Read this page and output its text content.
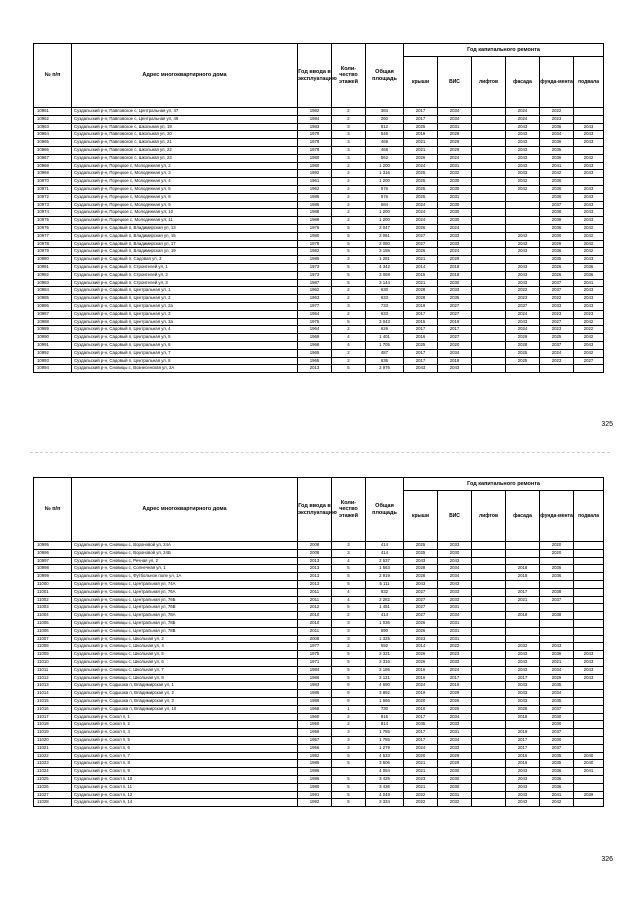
№ п/п	Адрес многоквартирного дома	Год ввода в эксплуатацию	Коли-чество этажей	Общая площадь	Год капитального ремонта					
					крыши	ВИС	лифтов	фасада	фунда-мента	подвала
10961	Суздальский р-н, Павловское с, Центральная ул, 47	1982	2	384	2017	2034		2024	2022	
10962	Суздальский р-н, Павловское с, Центральная ул, 49	1984	2	260	2017	2034		2024	2023	
10963	Суздальский р-н, Павловское с, Школьная ул, 19	1983	3	812	2025	2031		2043	2036	2043
10964	Суздальский р-н, Павловское с, Школьная ул, 20	1979	3	546	2019	2028		2043	2034	2043
10965	Суздальский р-н, Павловское с, Школьная ул, 21	1978	3	469	2021	2029		2043	2036	2043
10966	Суздальский р-н, Павловское с, Школьная ул, 22	1978	3	468	2021	2029		2043	2035	
10967	Суздальский р-н, Павловское с, Школьная ул, 23	1980	3	562	2026	2024		2043	2036	2042
10968	Суздальский р-н, Порецкое с, Молодежная ул, 2	1980	2	1 200	2024	2031		2043	2041	2043
10969	Суздальский р-н, Порецкое с, Молодежная ул, 3	1992	2	1 316	2025	2032		2043	2042	2043
10970	Суздальский р-н, Порецкое с, Молодежная ул, 4	1961	2	1 200	2025	2030		2042	2036	
10971	Суздальский р-н, Порецкое с, Молодежная ул, 5	1962	2	576	2025	2030		2042	2036	2043
10972	Суздальский р-н, Порецкое с, Молодежная ул, 8	1986	2	576	2025	2031			2036	2043
10973	Суздальский р-н, Порецкое с, Молодежная ул, 9	1986	2	584	2024	2030			2037	2043
10974	Суздальский р-н, Порецкое с, Молодежная ул, 10	1988	2	1 200	2024	2030			2038	2043
10975	Суздальский р-н, Порецкое с, Молодежная ул, 11	1989	2	1 200	2024	2030			2039	2043
10976	Суздальский р-н, Садовый п, Владимирская ул, 13	1976	5	3 047	2026	2024			2036	2042
10977	Суздальский р-н, Садовый п, Владимирская ул, 15	1980	5	3 061	2027	2033		2043	2030	2042
10978	Суздальский р-н, Садовый п, Владимирская ул, 17	1978	5	3 080	2027	2033		2043	2029	2042
10979	Суздальский р-н, Садовый п, Владимирская ул, 19	1982	5	3 155	2026	2024		2043	2036	2042
10980	Суздальский р-н, Садовый п, Садовая ул, 3	1985	3	1 281	2021	2029			2035	2043
10981	Суздальский р-н, Садовый п, Строителей ул, 1	1973	5	4 342	2014	2018		2043	2026	2036
10982	Суздальский р-н, Садовый п, Строителей ул, 2	1973	5	3 068	2015	2018		2043	2026	2036
10983	Суздальский р-н, Садовый п, Строителей ул, 3	1987	5	3 144	2021	2030		2043	2037	2041
10984	Суздальский р-н, Садовый п, Центральная ул, 1	1962	2	630	2028	2033		2022	2037	2043
10985	Суздальский р-н, Садовый п, Центральная ул, 2	1963	2	633	2028	2035		2023	2022	2043
10986	Суздальский р-н, Садовый п, Центральная ул, 2а	1977	3	733	2019	2027		2037	2033	2043
10987	Суздальский р-н, Садовый п, Центральная ул, 3	1964	2	633	2017	2027		2024	2023	2023
10988	Суздальский р-н, Садовый п, Центральная ул, 3а	1975	5	3 043	2015	2019		2043	2027	2042
10989	Суздальский р-н, Садовый п, Центральная ул, 4	1964	2	626	2017	2017		2024	2023	2022
10990	Суздальский р-н, Садовый п, Центральная ул, 5	1969	4	1 401	2016	2027		2029	2025	2042
10991	Суздальский р-н, Садовый п, Центральная ул, 6	1968	4	1 705	2025	2020		2028	2037	2043
10992	Суздальский р-н, Садовый п, Центральная ул, 7	1965	2	487	2017	2034		2025	2024	2042
10993	Суздальский р-н, Садовый п, Центральная ул, 8	1965	2	636	2017	2019		2025	2023	2027
10994	Суздальский р-н, Сновицы с, Вознесенская ул, 2А	2013	5	2 976	2043	2043				
325
№ п/п	Адрес многоквартирного дома	Год ввода в эксплуатацию	Коли-чество этажей	Общая площадь	Год капитального ремонта					
					крыши	ВИС	лифтов	фасада	фунда-мента	подвала
10995	Суздальский р-н, Сновицы с, Вороновой ул, 24А	2008	3	414	2025	2033			2020	
10996	Суздальский р-н, Сновицы с, Вороновой ул, 24Б	2008	3	414	2025	2030			2020	
10997	Суздальский р-н, Сновицы с, Речная ул, 2	2013	4	2 537	2043	2043				
10998	Суздальский р-н, Сновицы с, Солнечная ул, 1	2013	5	1 563	2028	2034		2018	2036	
10999	Суздальский р-н, Сновицы с, Футбольное поле ул, 1А	2013	5	2 919	2028	2034		2018	2036	
11000	Суздальский р-н, Сновицы с, Центральная ул, 74А	2013	5	5 111	2043	2043				
11001	Суздальский р-н, Сновицы с, Центральная ул, 76А	2011	4	932	2027	2033		2017	2038	
11002	Суздальский р-н, Сновицы с, Центральная ул, 76Б	2011	4	2 282	2027	2033		2021	2037	
11003	Суздальский р-н, Сновицы с, Центральная ул, 76В	2012	5	1 451	2027	2031				
11004	Суздальский р-н, Сновицы с, Центральная ул, 78А	2010	2	414	2027	2034		2018	2038	
11005	Суздальский р-н, Сновицы с, Центральная ул, 78Б	2010	3	1 036	2026	2031				
11006	Суздальский р-н, Сновицы с, Центральная ул, 78В	2011	3	690	2026	2031				
11007	Суздальский р-н, Сновицы с, Школьная ул, 2	2008	3	1 325	2023	2031				
11008	Суздальский р-н, Сновицы с, Школьная ул, 4	1977	2	592	2014	2022		2032	2043	
11009	Суздальский р-н, Сновицы с, Школьная ул, 5	1975	5	3 321	2026	2023		2043	2036	2043
11010	Суздальский р-н, Сновицы с, Школьная ул, 6	1971	5	3 316	2026	2033		2043	2021	2043
11011	Суздальский р-н, Сновицы с, Школьная ул, 7	1984	5	3 186	2016	2024		2043	2034	2043
11012	Суздальский р-н, Сновицы с, Школьная ул, 8	1986	5	3 121	2016	2017		2017	2029	2043
11013	Суздальский р-н, Содышка п, Владимирская ул, 1	1983	5	4 690	2024	2019		2043	2035	
11014	Суздальский р-н, Содышка п, Владимирская ул, 2	1986	5	3 892	2019	2029		2043	2034	
11015	Суздальский р-н, Содышка п, Владимирская ул, 3	1989	5	1 566	2020	2026		2043	2035	
11016	Суздальский р-н, Содышка п, Владимирская ул, 10	1968	1	730	2018	2025		2028	2037	
11017	Суздальский р-н, Сокол п, 1	1960	2	815	2017	2034		2018	2030	
11018	Суздальский р-н, Сокол п, 2	1950	2	814	2035	2033			2030	
11019	Суздальский р-н, Сокол п, 4	1959	3	1 755	2017	2031		2019	2037	
11020	Суздальский р-н, Сокол п, 5	1957	3	1 755	2017	2034		2017	2030	
11021	Суздальский р-н, Сокол п, 6	1956	3	1 279	2024	2033		2017	2037	
11022	Суздальский р-н, Сокол п, 7	1982	5	4 533	2020	2029		2016	2035	2040
11023	Суздальский р-н, Сокол п, 8	1985	5	3 506	2021	2029		2016	2035	2040
11024	Суздальский р-н, Сокол п, 9	1986		4 054	2021	2030		2043	2036	2041
11025	Суздальский р-н, Сокол п, 10	1986	5	3 425	2023	2030		2043	2036	
11026	Суздальский р-н, Сокол п, 11	1980	5	3 436	2021	2030		2043	2036	
11027	Суздальский р-н, Сокол п, 12	1991	5	4 049	2022	2031		2043	2041	2039
11028	Суздальский р-н, Сокол п, 14	1992	5	3 334	2022	2032		2043	2042	
326
